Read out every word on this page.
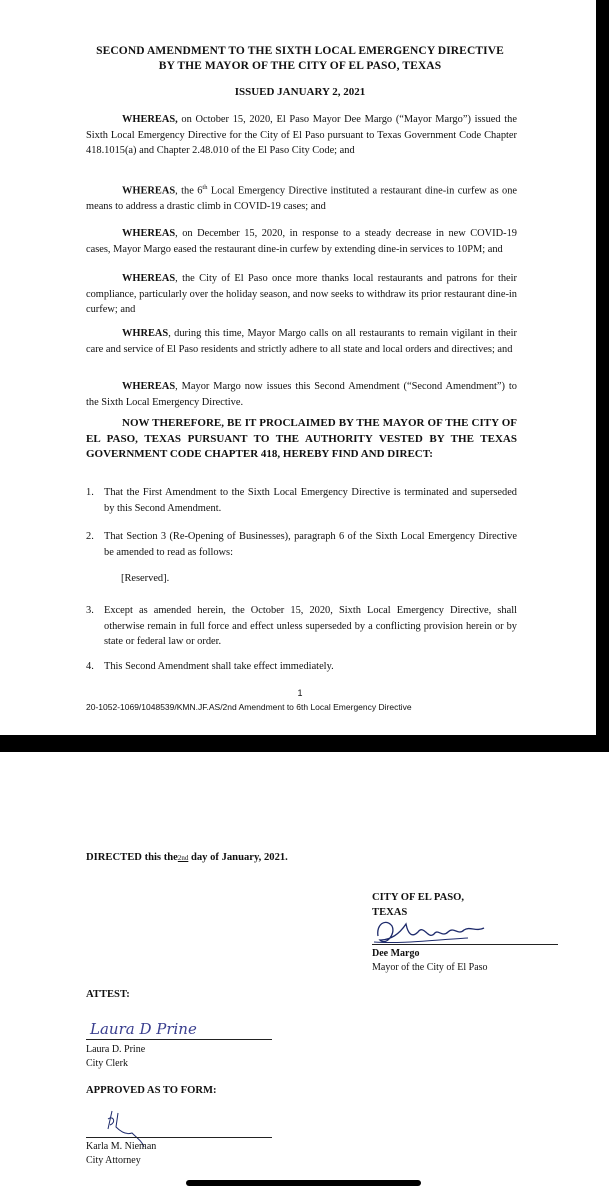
SECOND AMENDMENT TO THE SIXTH LOCAL EMERGENCY DIRECTIVE
BY THE MAYOR OF THE CITY OF EL PASO, TEXAS
ISSUED JANUARY 2, 2021
WHEREAS, on October 15, 2020, El Paso Mayor Dee Margo (“Mayor Margo”) issued the Sixth Local Emergency Directive for the City of El Paso pursuant to Texas Government Code Chapter 418.1015(a) and Chapter 2.48.010 of the El Paso City Code; and
WHEREAS, the 6th Local Emergency Directive instituted a restaurant dine-in curfew as one means to address a drastic climb in COVID-19 cases; and
WHEREAS, on December 15, 2020, in response to a steady decrease in new COVID-19 cases, Mayor Margo eased the restaurant dine-in curfew by extending dine-in services to 10PM; and
WHEREAS, the City of El Paso once more thanks local restaurants and patrons for their compliance, particularly over the holiday season, and now seeks to withdraw its prior restaurant dine-in curfew; and
WHREAS, during this time, Mayor Margo calls on all restaurants to remain vigilant in their care and service of El Paso residents and strictly adhere to all state and local orders and directives; and
WHEREAS, Mayor Margo now issues this Second Amendment (“Second Amendment”) to the Sixth Local Emergency Directive.
NOW THEREFORE, BE IT PROCLAIMED BY THE MAYOR OF THE CITY OF EL PASO, TEXAS PURSUANT TO THE AUTHORITY VESTED BY THE TEXAS GOVERNMENT CODE CHAPTER 418, HEREBY FIND AND DIRECT:
1. That the First Amendment to the Sixth Local Emergency Directive is terminated and superseded by this Second Amendment.
2. That Section 3 (Re-Opening of Businesses), paragraph 6 of the Sixth Local Emergency Directive be amended to read as follows:
[Reserved].
3. Except as amended herein, the October 15, 2020, Sixth Local Emergency Directive, shall otherwise remain in full force and effect unless superseded by a conflicting provision herein or by state or federal law or order.
4. This Second Amendment shall take effect immediately.
1
20-1052-1069/1048539/KMN.JF.AS/2nd Amendment to 6th Local Emergency Directive
DIRECTED this the2nd day of January, 2021.
CITY OF EL PASO,
TEXAS
Dee Margo
Mayor of the City of El Paso
ATTEST:
Laura D Prine
Laura D. Prine
City Clerk
APPROVED AS TO FORM:
Karla M. Nieman
City Attorney
